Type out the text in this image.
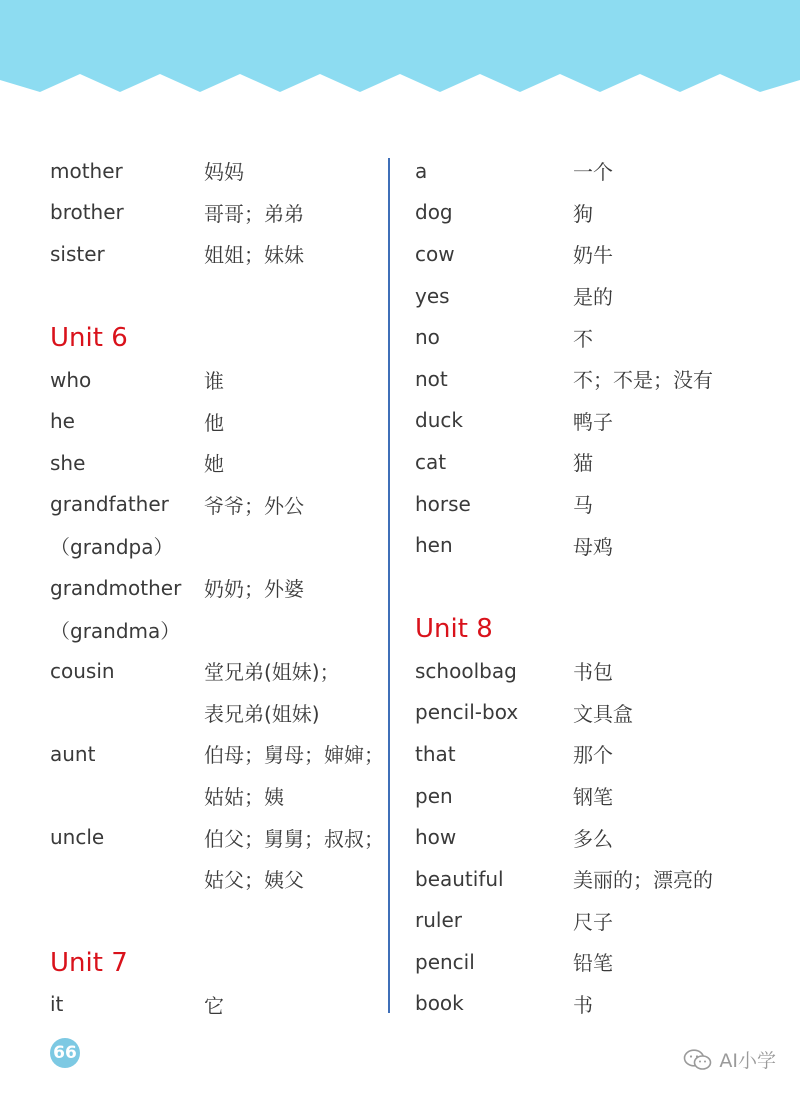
mother	妈妈
brother	哥哥；弟弟
sister	姐姐；妹妹
Unit 6
who	谁
he	他
she	她
grandfather	爷爷；外公
（grandpa）
grandmother	奶奶；外婆
（grandma）
cousin	堂兄弟(姐妹)；
表兄弟(姐妹)
aunt	伯母；舅母；婶婶；
姑姑；姨
uncle	伯父；舅舅；叔叔；
姑父；姨父
Unit 7
it	它
a	一个
dog	狗
cow	奶牛
yes	是的
no	不
not	不；不是；没有
duck	鸭子
cat	猫
horse	马
hen	母鸡
Unit 8
schoolbag	书包
pencil-box	文具盒
that	那个
pen	钢笔
how	多么
beautiful	美丽的；漂亮的
ruler	尺子
pencil	铅笔
book	书
66	AI小学
